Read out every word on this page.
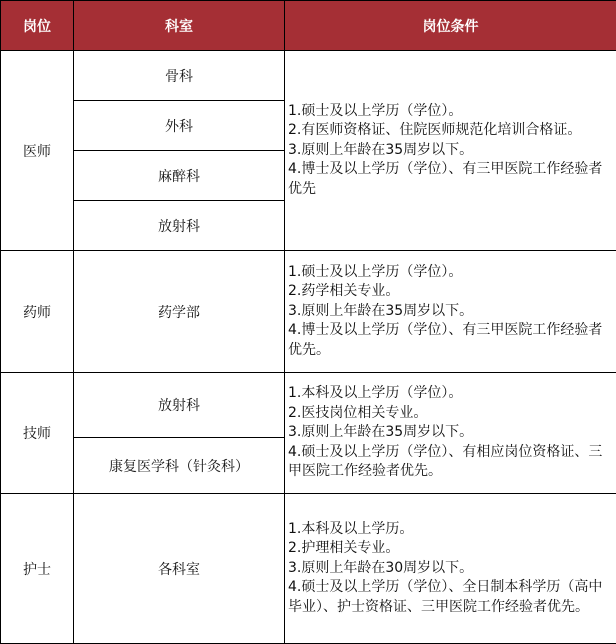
岗位	科室	岗位条件
医师	骨科	1.硕士及以上学历（学位）。
2.有医师资格证、住院医师规范化培训合格证。
3.原则上年龄在35周岁以下。
4.博士及以上学历（学位）、有三甲医院工作经验者优先

	外科	
	麻醉科	
	放射科	
药师	药学部	1.硕士及以上学历（学位）。
2.药学相关专业。
3.原则上年龄在35周岁以下。
4.博士及以上学历（学位）、有三甲医院工作经验者优先。

技师	放射科	1.本科及以上学历（学位）。
2.医技岗位相关专业。
3.原则上年龄在35周岁以下。
4.硕士及以上学历（学位）、有相应岗位资格证、三甲医院工作经验者优先。

	康复医学科（针灸科）	
护士	各科室	1.本科及以上学历。
2.护理相关专业。
3.原则上年龄在30周岁以下。
4.硕士及以上学历（学位）、全日制本科学历（高中毕业）、护士资格证、三甲医院工作经验者优先。
